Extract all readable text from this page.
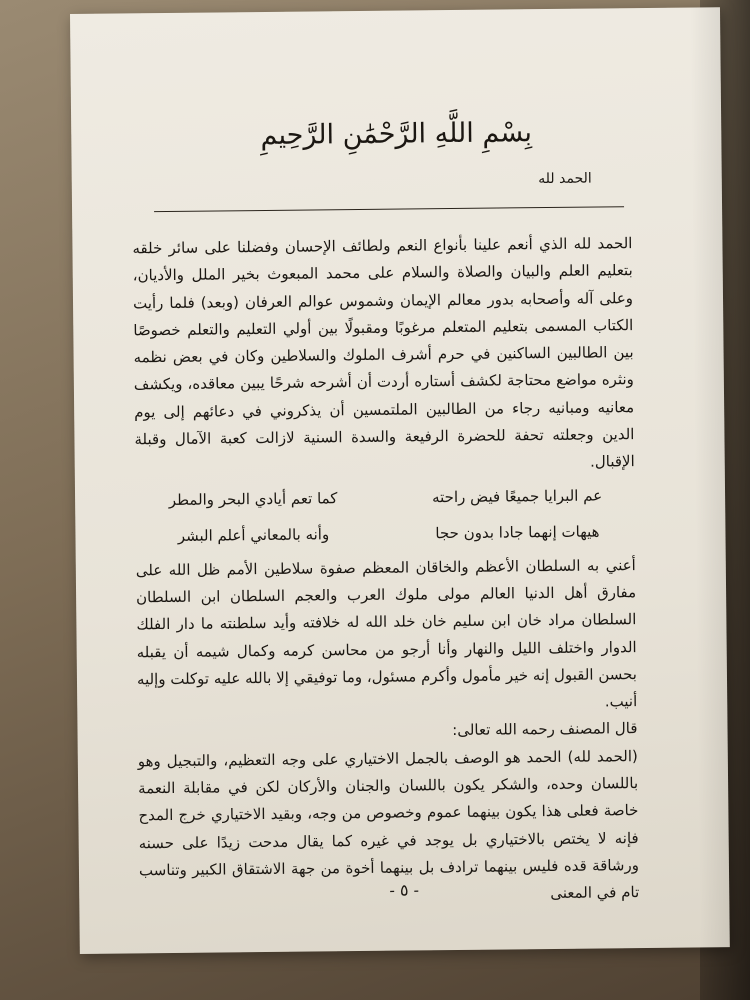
بِسْمِ اللَّهِ الرَّحْمَٰنِ الرَّحِيمِ
الحمد لله

الحمد لله الذي أنعم علينا بأنواع النعم ولطائف الإحسان وفضلنا على سائر خلقه بتعليم العلم والبيان والصلاة والسلام على محمد المبعوث بخير الملل والأديان، وعلى آله وأصحابه بدور معالم الإيمان وشموس عوالم العرفان (وبعد) فلما رأيت الكتاب المسمى بتعليم المتعلم مرغوبًا ومقبولًا بين أولي التعليم والتعلم خصوصًا بين الطالبين الساكنين في حرم أشرف الملوك والسلاطين وكان في بعض نظمه ونثره مواضع محتاجة لكشف أستاره أردت أن أشرحه شرحًا يبين معاقده، ويكشف معانيه ومبانيه رجاء من الطالبين الملتمسين أن يذكروني في دعائهم إلى يوم الدين وجعلته تحفة للحضرة الرفيعة والسدة السنية لازالت كعبة الآمال وقبلة الإقبال.

عم البرايا جميعًا فيض راحته
كما تعم أيادي البحر والمطر
هيهات إنهما جادا بدون حجا
وأنه بالمعاني أعلم البشر

أعني به السلطان الأعظم والخاقان المعظم صفوة سلاطين الأمم ظل الله على مفارق أهل الدنيا العالم مولى ملوك العرب والعجم السلطان ابن السلطان السلطان مراد خان ابن سليم خان خلد الله له خلافته وأيد سلطنته ما دار الفلك الدوار واختلف الليل والنهار وأنا أرجو من محاسن كرمه وكمال شيمه أن يقبله بحسن القبول إنه خير مأمول وأكرم مسئول، وما توفيقي إلا بالله عليه توكلت وإليه أنيب.

قال المصنف رحمه الله تعالى:

(الحمد لله) الحمد هو الوصف بالجمل الاختياري على وجه التعظيم، والتبجيل وهو باللسان وحده، والشكر يكون باللسان والجنان والأركان لكن في مقابلة النعمة خاصة فعلى هذا يكون بينهما عموم وخصوص من وجه، وبقيد الاختياري خرج المدح فإنه لا يختص بالاختياري بل يوجد في غيره كما يقال مدحت زيدًا على حسنه ورشاقة قده فليس بينهما ترادف بل بينهما أخوة من جهة الاشتقاق الكبير وتناسب تام في المعنى

- ٥ -
